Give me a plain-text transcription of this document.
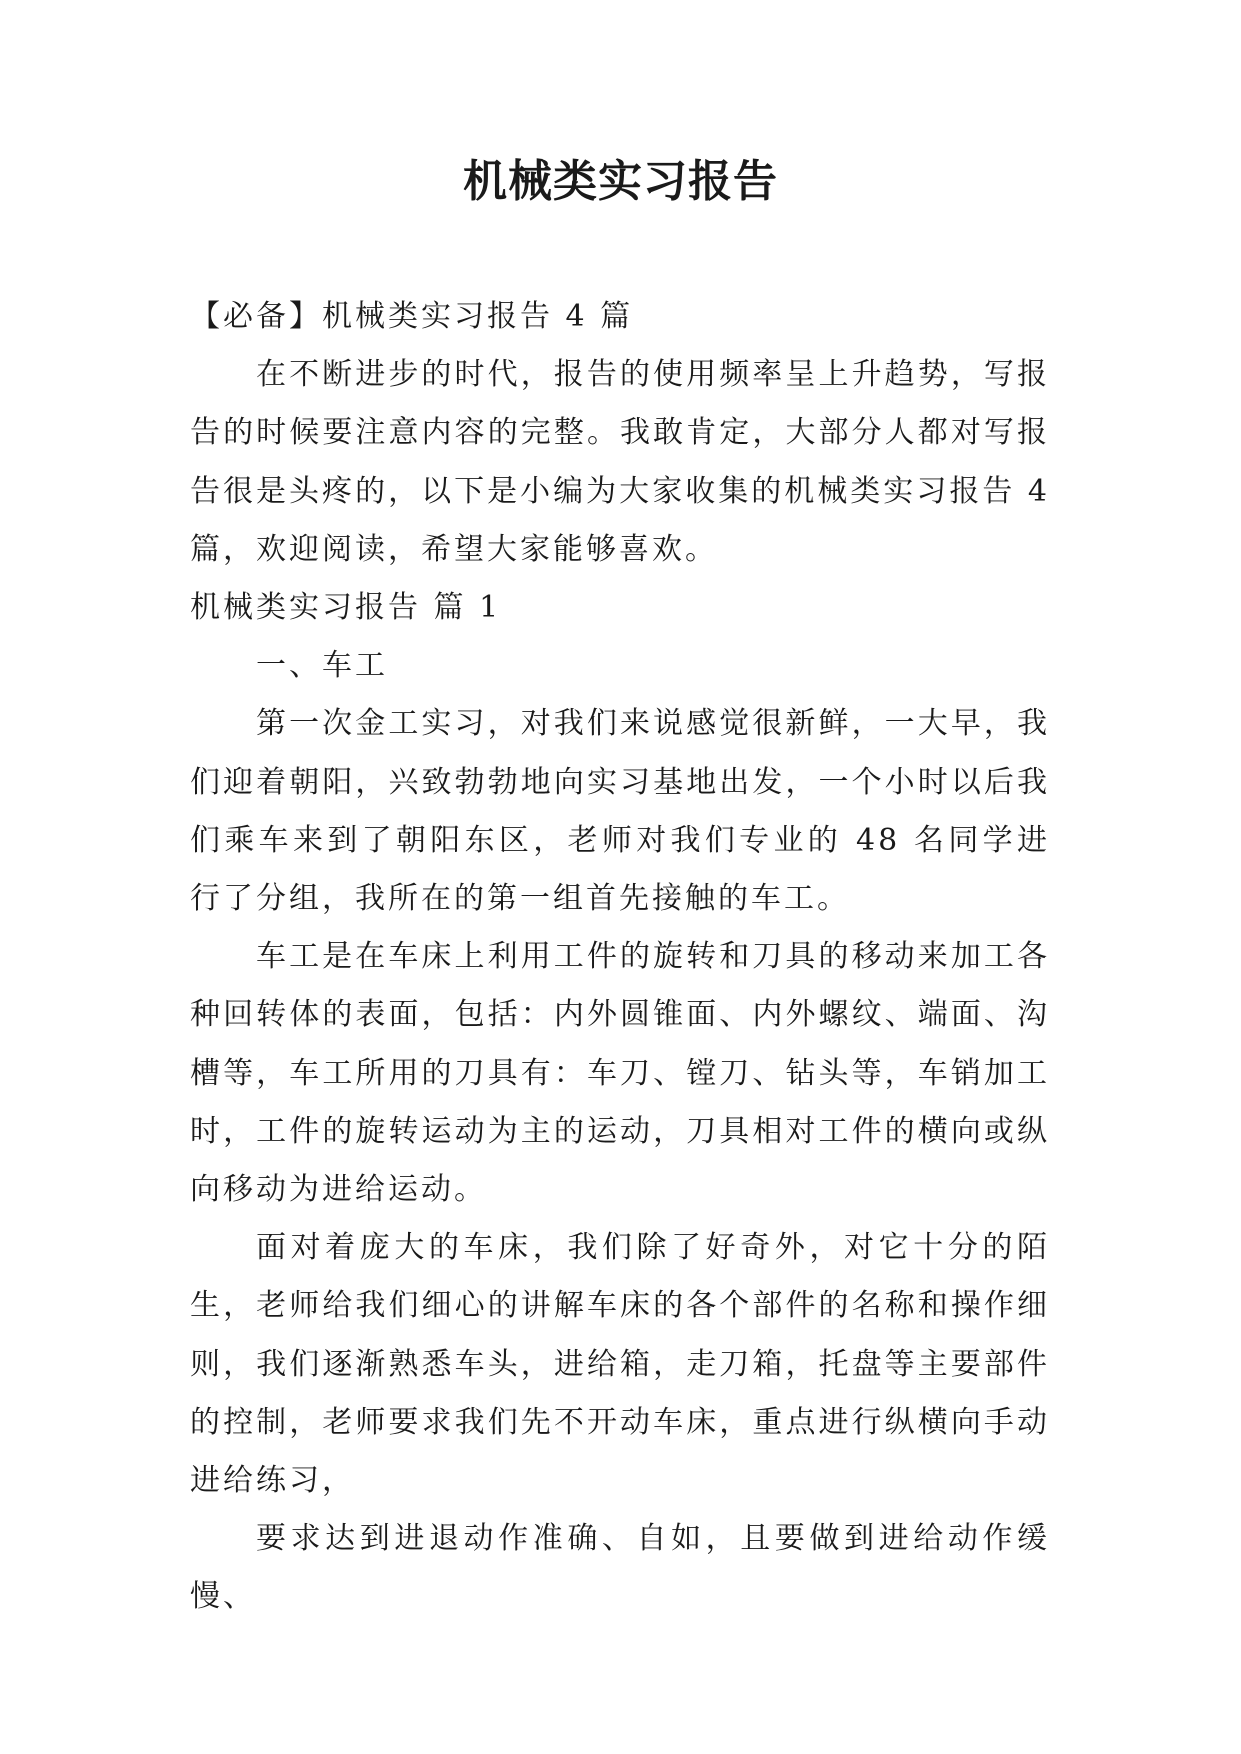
机械类实习报告

【必备】机械类实习报告 4 篇

在不断进步的时代，报告的使用频率呈上升趋势，写报告的时候要注意内容的完整。我敢肯定，大部分人都对写报告很是头疼的，以下是小编为大家收集的机械类实习报告 4 篇，欢迎阅读，希望大家能够喜欢。

机械类实习报告 篇 1

一、车工

第一次金工实习，对我们来说感觉很新鲜，一大早，我们迎着朝阳，兴致勃勃地向实习基地出发，一个小时以后我们乘车来到了朝阳东区，老师对我们专业的 48 名同学进行了分组，我所在的第一组首先接触的车工。

车工是在车床上利用工件的旋转和刀具的移动来加工各种回转体的表面，包括：内外圆锥面、内外螺纹、端面、沟槽等，车工所用的刀具有：车刀、镗刀、钻头等，车销加工时，工件的旋转运动为主的运动，刀具相对工件的横向或纵向移动为进给运动。

面对着庞大的车床，我们除了好奇外，对它十分的陌生，老师给我们细心的讲解车床的各个部件的名称和操作细则，我们逐渐熟悉车头，进给箱，走刀箱，托盘等主要部件的控制，老师要求我们先不开动车床，重点进行纵横向手动进给练习，

要求达到进退动作准确、自如，且要做到进给动作缓慢、
